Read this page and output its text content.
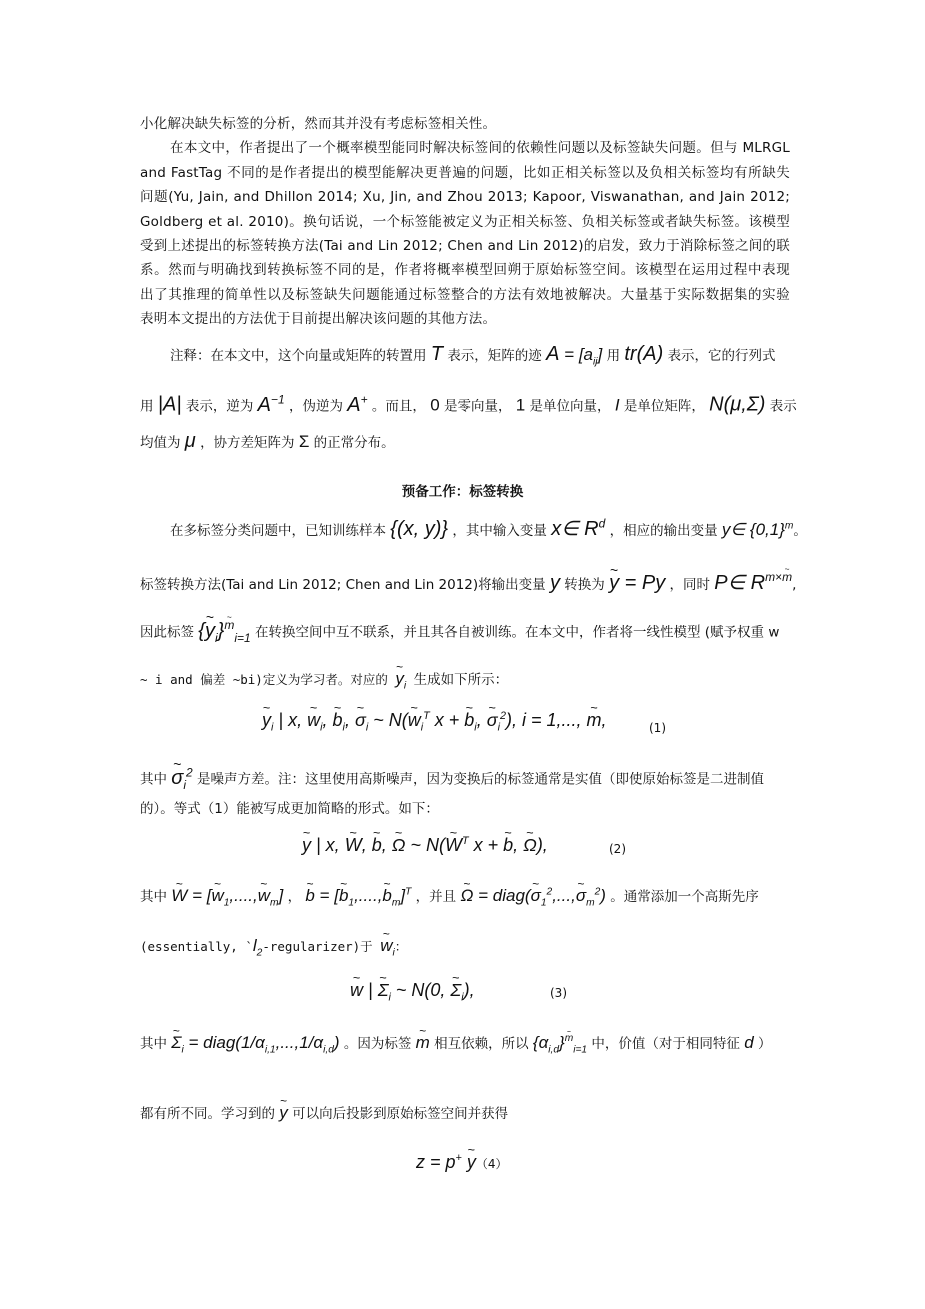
小化解决缺失标签的分析，然而其并没有考虑标签相关性。
在本文中，作者提出了一个概率模型能同时解决标签间的依赖性问题以及标签缺失问题。但与 MLRGL
and FastTag 不同的是作者提出的模型能解决更普遍的问题，比如正相关标签以及负相关标签均有所缺失
问题(Yu, Jain, and Dhillon 2014; Xu, Jin, and Zhou 2013; Kapoor, Viswanathan, and Jain 2012;
Goldberg et al. 2010)。换句话说，一个标签能被定义为正相关标签、负相关标签或者缺失标签。该模型
受到上述提出的标签转换方法(Tai and Lin 2012; Chen and Lin 2012)的启发，致力于消除标签之间的联
系。然而与明确找到转换标签不同的是，作者将概率模型回朔于原始标签空间。该模型在运用过程中表现
出了其推理的简单性以及标签缺失问题能通过标签整合的方法有效地被解决。大量基于实际数据集的实验
表明本文提出的方法优于目前提出解决该问题的其他方法。
注释：在本文中，这个向量或矩阵的转置用 T 表示，矩阵的迹 $A = [a_{ij}]$ 用 tr(A) 表示，它的行列式
用 |A| 表示，逆为 $A^{-1}$ ，伪逆为 A+ 。而且， 0 是零向量， 1 是单位向量， I 是单位矩阵， N(μ,Σ) 表示
均值为 μ ，协方差矩阵为 Σ 的正常分布。
预备工作：标签转换
在多标签分类问题中，已知训练样本 {(x, y)} ，其中输入变量 x∈ $R^d$ ，相应的输出变量 y∈ $\{0,1\}^m$。
标签转换方法(Tai and Lin 2012; Chen and Lin 2012)将输出变量 y 转换为 ~ y = Py ，同时 P∈ $R^{m\times\sim m}$,
因此标签 {~ $y_i\}\sim$ $^m_{i=1}$ 在转换空间中互不联系，并且其各自被训练。在本文中，作者将一线性模型 (赋予权重 w
~ i and 偏差 ~bi)定义为学习者。对应的 ~ $y_i$ 生成如下所示：
~ $y_i$ | x, ~ $w_i$, ~ $b_i$, ~ $\sigma_i$ ~ N(~ $w_i^T$ x + ~ $b_i$, ~ $\sigma_i^2$), i = 1,..., ~ m,	(1)
其中 ~ $\sigma_i^2$ 是噪声方差。注：这里使用高斯噪声，因为变换后的标签通常是实值（即使原始标签是二进制值
的）。等式（1）能被写成更加简略的形式。如下：
~ y | x, ~ W, ~ b, ~ Ω ~ N(~ $W^T$ x + ~ b, ~ Ω),	(2)
其中 ~ W = [~ $w_1,....,\sim$ $w_m$] ， ~ b = [~ $b_1,....,\sim$ $b_m]^T$ ，并且 ~ Ω = diag(~ $\sigma_1^2,...,\sim$ $\sigma_m^2$) 。通常添加一个高斯先序
(essentially, $`l_2-regularizer$)于 ~ $w_i$：
~ w | ~ $\Sigma_i$ ~ N(0, ~ $\Sigma_i$),	(3)
其中 ~ $\Sigma_i$ = $diag(1/\alpha_{i,1},...,1/\alpha_{i,d})$ 。因为标签 ~ m 相互依赖，所以 $\{\alpha_{i,d}\}\sim$ $^m_{i=1}$ 中，价值（对于相同特征 d ）
都有所不同。学习到的 ~ y 可以向后投影到原始标签空间并获得
z = p+ ~ y（4）
